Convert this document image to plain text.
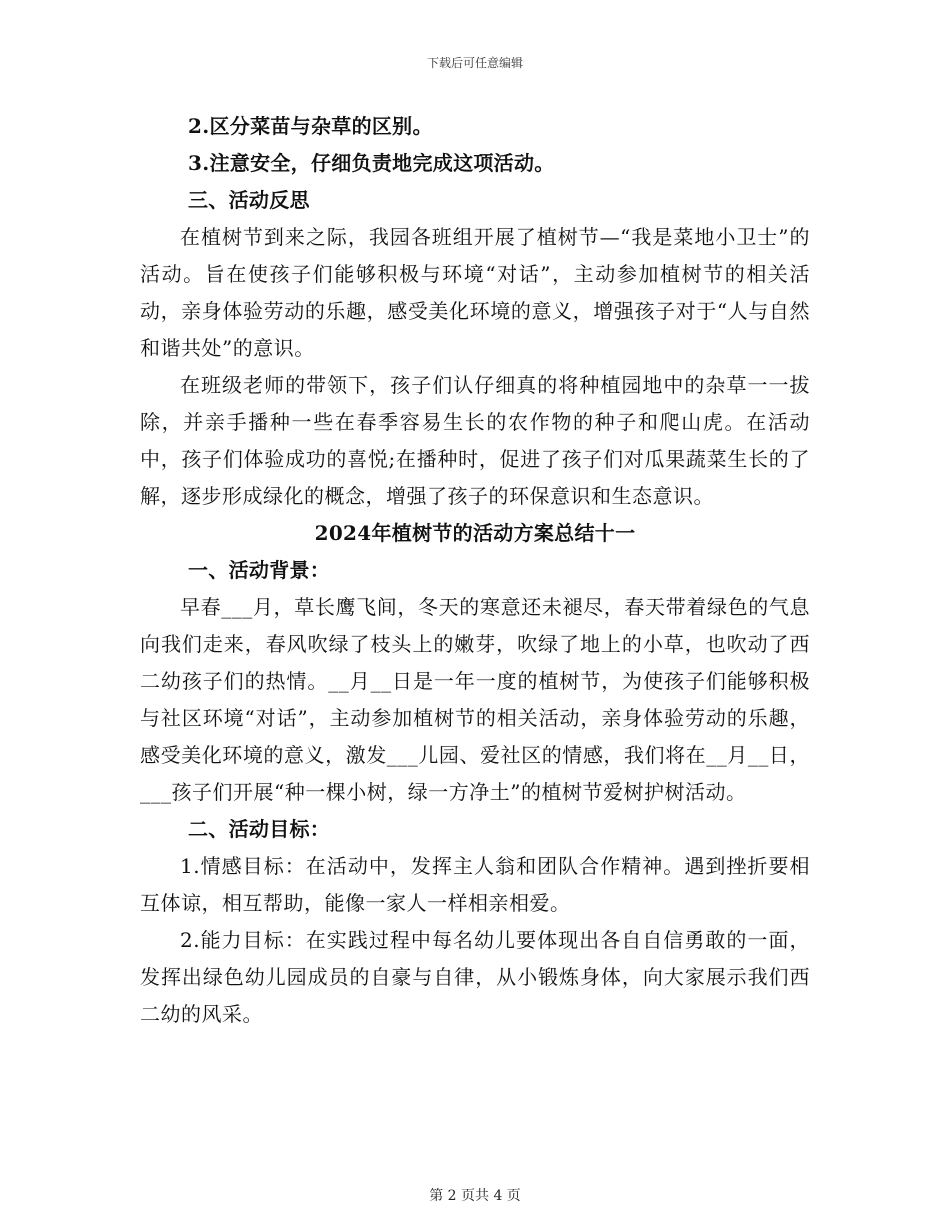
下载后可任意编辑

2.区分菜苗与杂草的区别。

3.注意安全，仔细负责地完成这项活动。

三、活动反思

在植树节到来之际，我园各班组开展了植树节—“我是菜地小卫士”的活动。旨在使孩子们能够积极与环境“对话”，主动参加植树节的相关活动，亲身体验劳动的乐趣，感受美化环境的意义，增强孩子对于“人与自然和谐共处”的意识。

在班级老师的带领下，孩子们认仔细真的将种植园地中的杂草一一拔除，并亲手播种一些在春季容易生长的农作物的种子和爬山虎。在活动中，孩子们体验成功的喜悦;在播种时，促进了孩子们对瓜果蔬菜生长的了解，逐步形成绿化的概念，增强了孩子的环保意识和生态意识。

2024年植树节的活动方案总结十一

一、活动背景：

早春___月，草长鹰飞间，冬天的寒意还未褪尽，春天带着绿色的气息向我们走来，春风吹绿了枝头上的嫩芽，吹绿了地上的小草，也吹动了西二幼孩子们的热情。__月__日是一年一度的植树节，为使孩子们能够积极与社区环境“对话”，主动参加植树节的相关活动，亲身体验劳动的乐趣，感受美化环境的意义，激发___儿园、爱社区的情感，我们将在__月__日，___孩子们开展“种一棵小树，绿一方净土”的植树节爱树护树活动。

二、活动目标：

1.情感目标：在活动中，发挥主人翁和团队合作精神。遇到挫折要相互体谅，相互帮助，能像一家人一样相亲相爱。

2.能力目标：在实践过程中每名幼儿要体现出各自自信勇敢的一面，发挥出绿色幼儿园成员的自豪与自律，从小锻炼身体，向大家展示我们西二幼的风采。

第 2 页共 4 页
